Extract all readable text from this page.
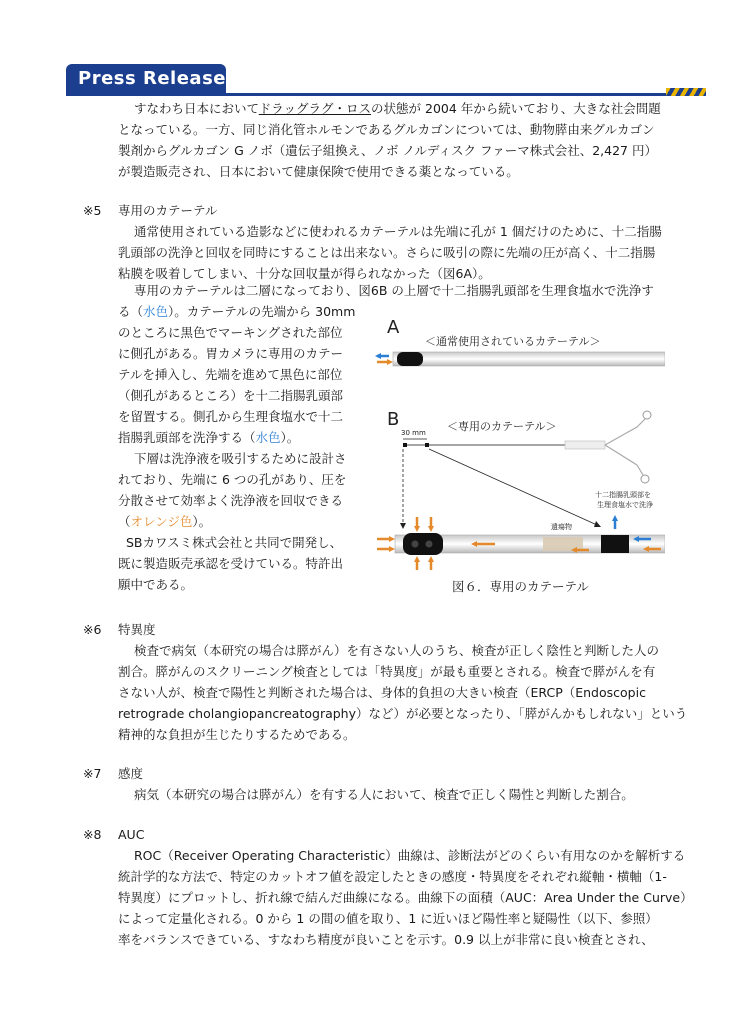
Press Release
すなわち日本においてドラッグラグ・ロスの状態が 2004 年から続いており、大きな社会問題
となっている。一方、同じ消化管ホルモンであるグルカゴンについては、動物膵由来グルカゴン
製剤からグルカゴン G ノボ（遺伝子組換え、ノボ ノルディスク ファーマ株式会社、2,427 円）
が製造販売され、日本において健康保険で使用できる薬となっている。
※5 専用のカテーテル
通常使用されている造影などに使われるカテーテルは先端に孔が 1 個だけのために、十二指腸
乳頭部の洗浄と回収を同時にすることは出来ない。さらに吸引の際に先端の圧が高く、十二指腸
粘膜を吸着してしまい、十分な回収量が得られなかった（図6A）。
専用のカテーテルは二層になっており、図6B の上層で十二指腸乳頭部を生理食塩水で洗浄す
る（水色）。カテーテルの先端から 30mm
のところに黒色でマーキングされた部位
に側孔がある。胃カメラに専用のカテー
テルを挿入し、先端を進めて黒色に部位
（側孔があるところ）を十二指腸乳頭部
を留置する。側孔から生理食塩水で十二
指腸乳頭部を洗浄する（水色）。
下層は洗浄液を吸引するために設計さ
れており、先端に 6 つの孔があり、圧を
分散させて効率よく洗浄液を回収できる
（オレンジ色）。
SBカワスミ株式会社と共同で開発し、
既に製造販売承認を受けている。特許出
願中である。
A
＜通常使用されているカテーテル＞
B	＜専用のカテーテル＞
30 mm
十二指腸乳頭部を
生理食塩水で洗浄
遺瘍物
図６．専用のカテーテル
※6 特異度
検査で病気（本研究の場合は膵がん）を有さない人のうち、検査が正しく陰性と判断した人の
割合。膵がんのスクリーニング検査としては「特異度」が最も重要とされる。検査で膵がんを有
さない人が、検査で陽性と判断された場合は、身体的負担の大きい検査（ERCP（Endoscopic
retrograde cholangiopancreatography）など）が必要となったり、「膵がんかもしれない」という
精神的な負担が生じたりするためである。
※7 感度
病気（本研究の場合は膵がん）を有する人において、検査で正しく陽性と判断した割合。
※8 AUC
ROC（Receiver Operating Characteristic）曲線は、診断法がどのくらい有用なのかを解析する
統計学的な方法で、特定のカットオフ値を設定したときの感度・特異度をそれぞれ縦軸・横軸（1-
特異度）にプロットし、折れ線で結んだ曲線になる。曲線下の面積（AUC：Area Under the Curve）
によって定量化される。0 から 1 の間の値を取り、1 に近いほど陽性率と疑陽性（以下、参照）
率をバランスできている、すなわち精度が良いことを示す。0.9 以上が非常に良い検査とされ、
